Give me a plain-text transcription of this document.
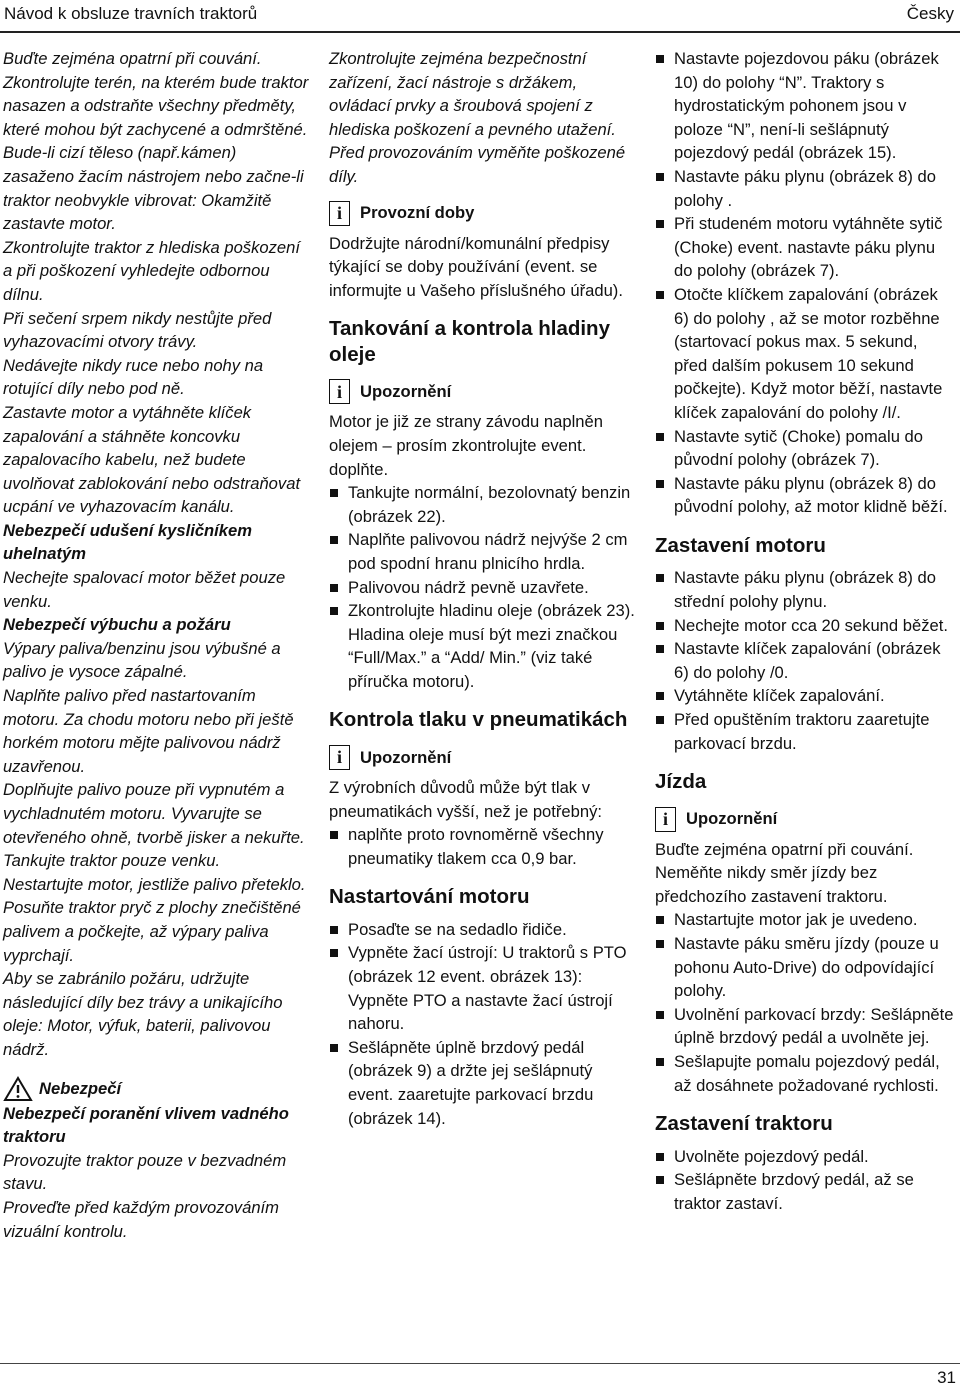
Návod k obsluze travních traktorů	Česky

Buďte zejména opatrní při couvání.

Zkontrolujte terén, na kterém bude traktor nasazen a odstraňte všechny předměty, které mohou být zachycené a odmrštěné.

Bude-li cizí těleso (např.kámen) zasaženo žacím nástrojem nebo začne-li traktor neobvykle vibrovat: Okamžitě zastavte motor.

Zkontrolujte traktor z hlediska poškození a při poškození vyhledejte odbornou dílnu.

Při sečení srpem nikdy nestůjte před vyhazovacími otvory trávy.

Nedávejte nikdy ruce nebo nohy na rotující díly nebo pod ně.

Zastavte motor a vytáhněte klíček zapalování a stáhněte koncovku zapalovacího kabelu, než budete uvolňovat zablokování nebo odstraňovat ucpání ve vyhazovacím kanálu.

Nebezpečí udušení kysličníkem uhelnatým

Nechejte spalovací motor běžet pouze venku.

Nebezpečí výbuchu a požáru

Výpary paliva/benzinu jsou výbušné a palivo je vysoce zápalné.

Naplňte palivo před nastartovaním motoru. Za chodu motoru nebo při ještě horkém motoru mějte palivovou nádrž uzavřenou.

Doplňujte palivo pouze při vypnutém a vychladnutém motoru. Vyvarujte se otevřeného ohně, tvorbě jisker a nekuřte. Tankujte traktor pouze venku.

Nestartujte motor, jestliže palivo přeteklo. Posuňte traktor pryč z plochy znečištěné palivem a počkejte, až výpary paliva vyprchají.

Aby se zabránilo požáru, udržujte následující díly bez trávy a unikajícího oleje: Motor, výfuk, baterii, palivovou nádrž.

Nebezpečí

Nebezpečí poranění vlivem vadného traktoru

Provozujte traktor pouze v bezvadném stavu.

Proveďte před každým provozováním vizuální kontrolu.

Zkontrolujte zejména bezpečnostní zařízení, žací nástroje s držákem, ovládací prvky a šroubová spojení z hlediska poškození a pevného utažení.

Před provozováním vyměňte poškozené díly.

i	Provozní doby

Dodržujte národní/komunální předpisy týkající se doby používání (event. se informujte u Vašeho příslušného úřadu).

Tankování a kontrola hladiny oleje
i	Upozornění

Motor je již ze strany závodu naplněn olejem – prosím zkontrolujte event. doplňte.

Tankujte normální, bezolovnatý benzin (obrázek 22).
Naplňte palivovou nádrž nejvýše 2 cm pod spodní hranu plnicího hrdla.
Palivovou nádrž pevně uzavřete.
Zkontrolujte hladinu oleje (obrázek 23). Hladina oleje musí být mezi značkou “Full/Max.” a “Add/ Min.” (viz také příručka motoru).
Kontrola tlaku v pneumatikách
i	Upozornění

Z výrobních důvodů může být tlak v pneumatikách vyšší, než je potřebný:

naplňte proto rovnoměrně všechny pneumatiky tlakem cca 0,9 bar.
Nastartování motoru
Posaďte se na sedadlo řidiče.
Vypněte žací ústrojí: U traktorů s PTO (obrázek 12 event. obrázek 13): Vypněte PTO a nastavte žací ústrojí nahoru.
Sešlápněte úplně brzdový pedál (obrázek 9) a držte jej sešlápnutý event. zaaretujte parkovací brzdu (obrázek 14).
Nastavte pojezdovou páku (obrázek 10) do polohy “N”. Traktory s hydrostatickým pohonem jsou v poloze “N”, není-li sešlápnutý pojezdový pedál (obrázek 15).
Nastavte páku plynu (obrázek 8) do polohy .
Při studeném motoru vytáhněte sytič (Choke) event. nastavte páku plynu do polohy (obrázek 7).
Otočte klíčkem zapalování (obrázek 6) do polohy , až se motor rozběhne (startovací pokus max. 5 sekund, před dalším pokusem 10 sekund počkejte). Když motor běží, nastavte klíček zapalování do polohy /I/.
Nastavte sytič (Choke) pomalu do původní polohy (obrázek 7).
Nastavte páku plynu (obrázek 8) do původní polohy, až motor klidně běží.
Zastavení motoru
Nastavte páku plynu (obrázek 8) do střední polohy plynu.
Nechejte motor cca 20 sekund běžet.
Nastavte klíček zapalování (obrázek 6) do polohy /0.
Vytáhněte klíček zapalování.
Před opuštěním traktoru zaaretujte parkovací brzdu.
Jízda
i	Upozornění

Buďte zejména opatrní při couvání.

Neměňte nikdy směr jízdy bez předchozího zastavení traktoru.

Nastartujte motor jak je uvedeno.
Nastavte páku směru jízdy (pouze u pohonu Auto-Drive) do odpovídající polohy.
Uvolnění parkovací brzdy: Sešlápněte úplně brzdový pedál a uvolněte jej.
Sešlapujte pomalu pojezdový pedál, až dosáhnete požadované rychlosti.
Zastavení traktoru
Uvolněte pojezdový pedál.
Sešlápněte brzdový pedál, až se traktor zastaví.
31
